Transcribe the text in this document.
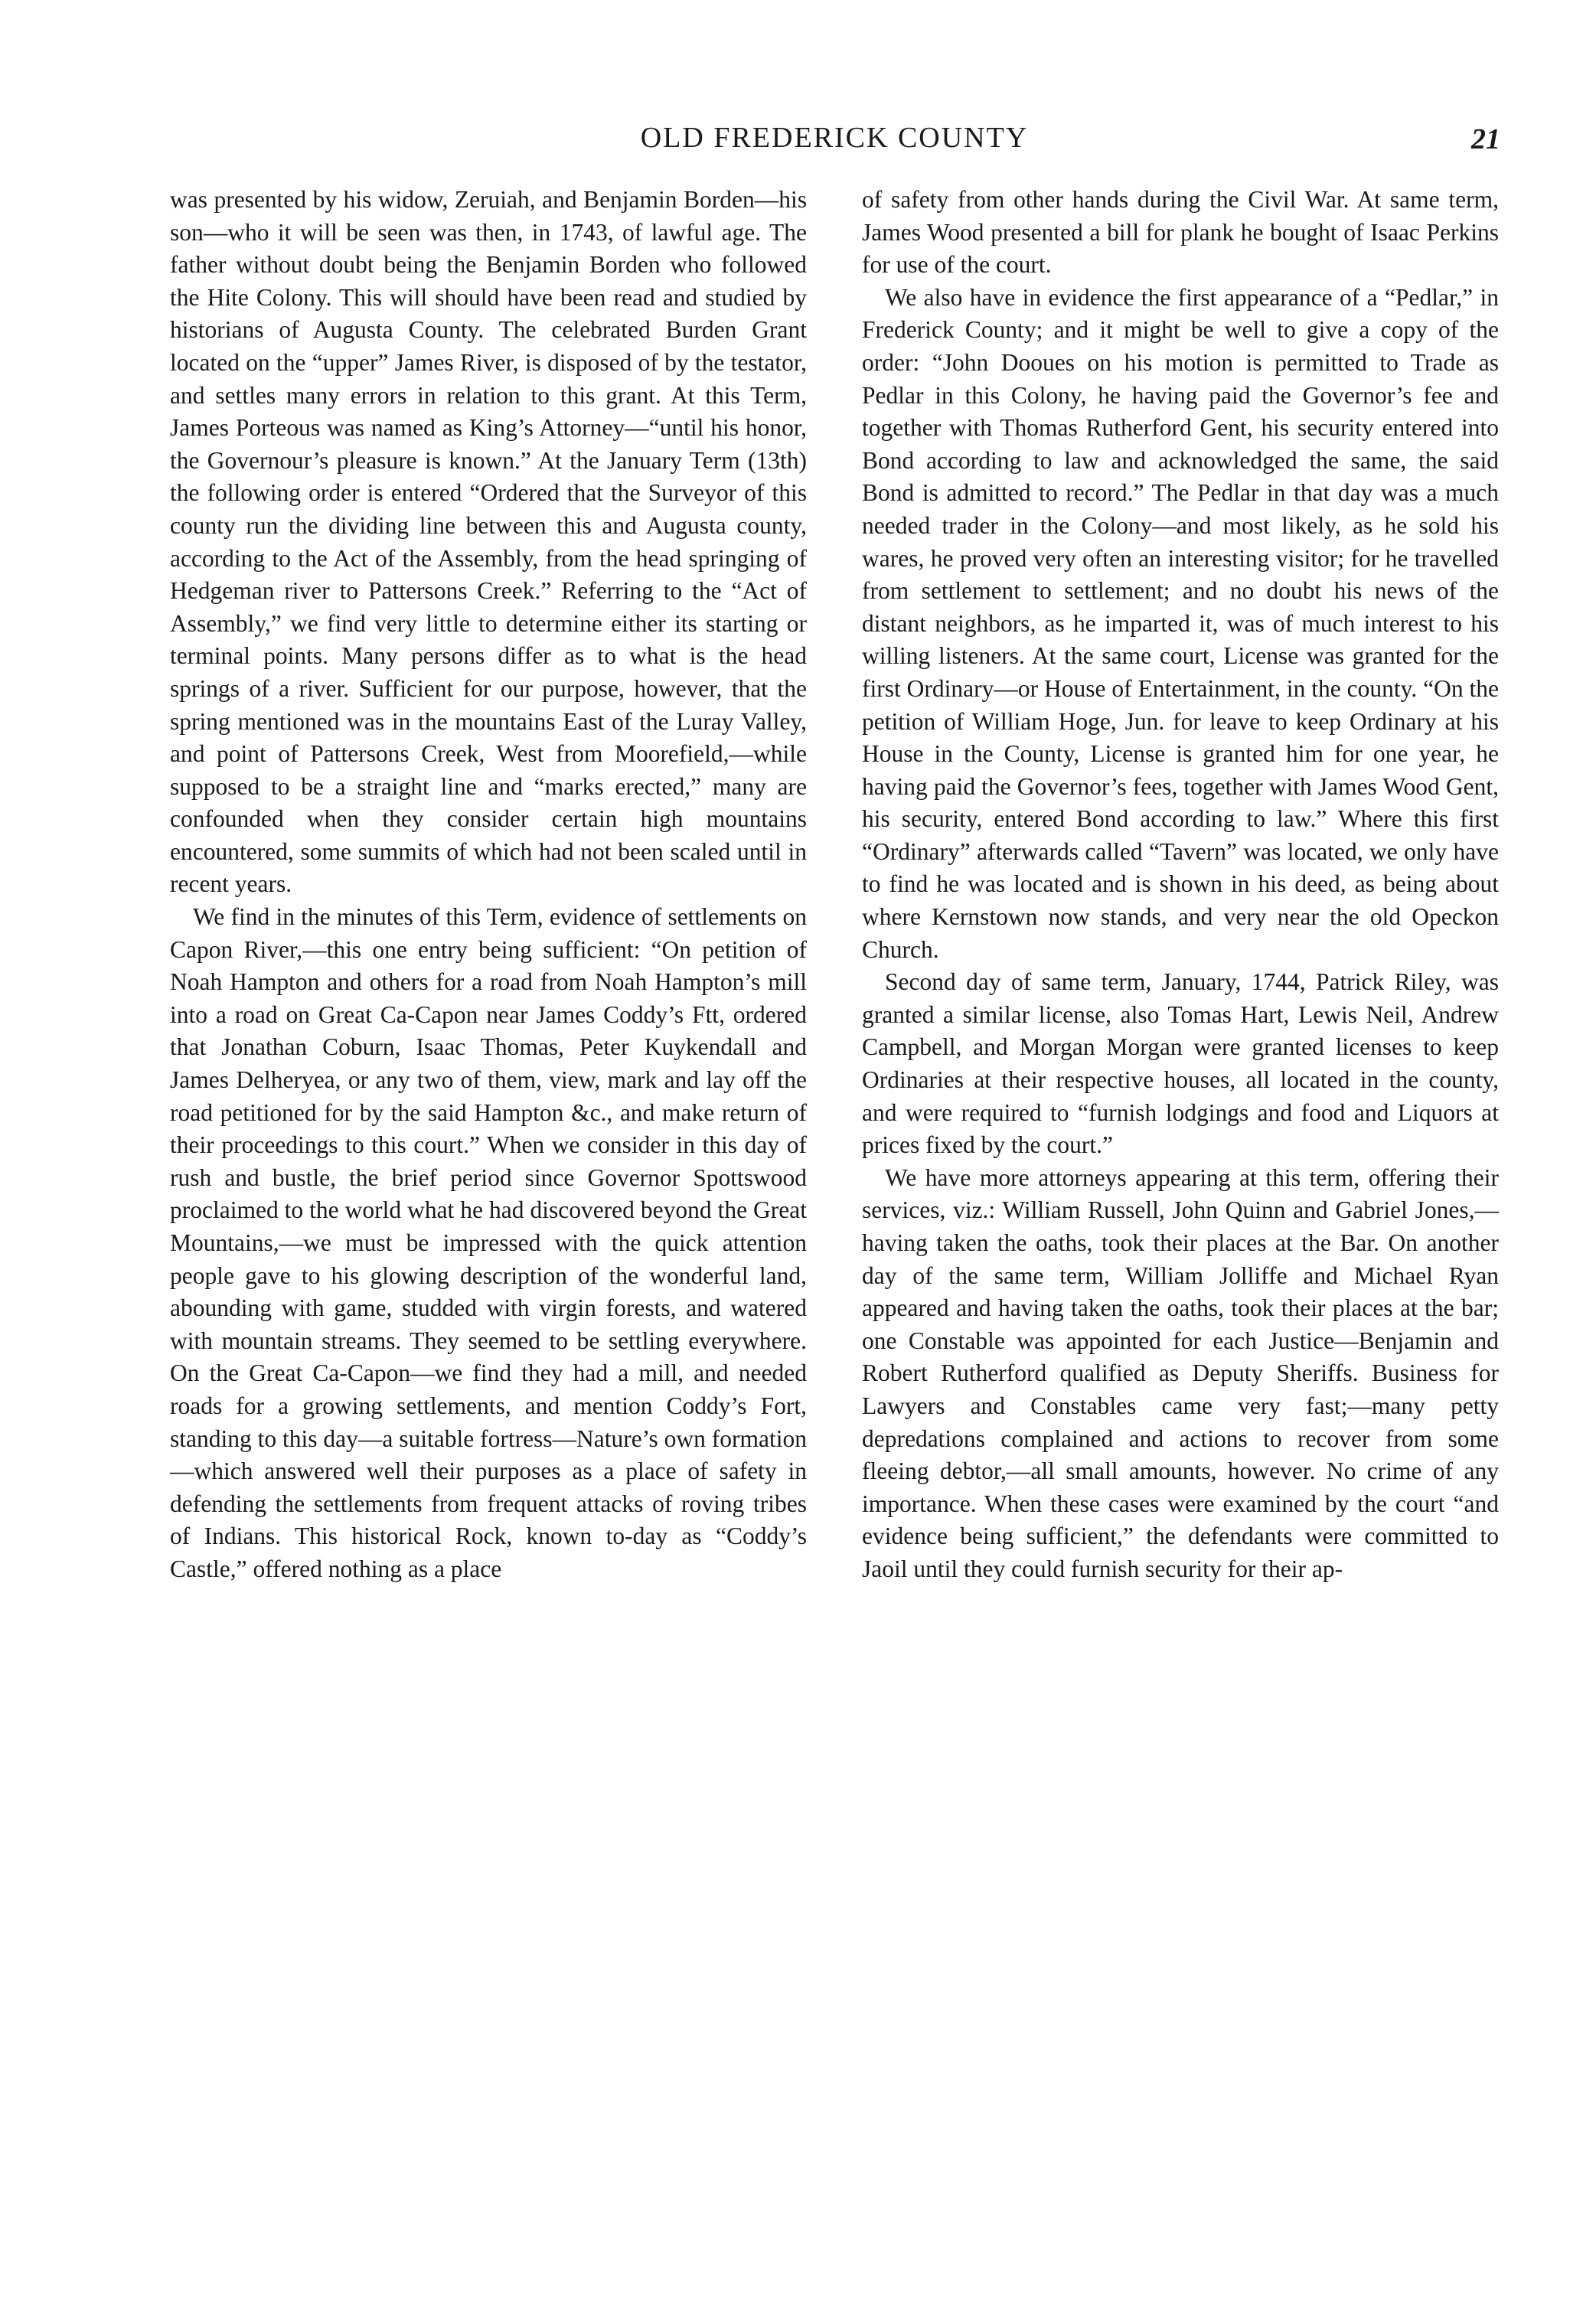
OLD FREDERICK COUNTY	21

was presented by his widow, Zeruiah, and Benjamin Borden—his son—who it will be seen was then, in 1743, of lawful age. The father without doubt being the Benjamin Borden who followed the Hite Colony. This will should have been read and studied by historians of Augusta County. The celebrated Burden Grant located on the “upper” James River, is disposed of by the testator, and settles many errors in relation to this grant. At this Term, James Porteous was named as King’s Attorney—“until his honor, the Governour’s pleasure is known.” At the January Term (13th) the following order is entered “Ordered that the Surveyor of this county run the dividing line between this and Augusta county, according to the Act of the Assembly, from the head springing of Hedgeman river to Pattersons Creek.” Referring to the “Act of Assembly,” we find very little to determine either its starting or terminal points. Many persons differ as to what is the head springs of a river. Sufficient for our purpose, however, that the spring mentioned was in the mountains East of the Luray Valley, and point of Pattersons Creek, West from Moorefield,—while supposed to be a straight line and “marks erected,” many are confounded when they consider certain high mountains encountered, some summits of which had not been scaled until in recent years.

We find in the minutes of this Term, evidence of settlements on Capon River,—this one entry being sufficient: “On petition of Noah Hampton and others for a road from Noah Hampton’s mill into a road on Great Ca-Capon near James Coddy’s Ftt, ordered that Jonathan Coburn, Isaac Thomas, Peter Kuykendall and James Delheryea, or any two of them, view, mark and lay off the road petitioned for by the said Hampton &c., and make return of their proceedings to this court.” When we consider in this day of rush and bustle, the brief period since Governor Spottswood proclaimed to the world what he had discovered beyond the Great Mountains,—we must be impressed with the quick attention people gave to his glowing description of the wonderful land, abounding with game, studded with virgin forests, and watered with mountain streams. They seemed to be settling everywhere. On the Great Ca-Capon—we find they had a mill, and needed roads for a growing settlements, and mention Coddy’s Fort, standing to this day—a suitable fortress—Nature’s own formation—which answered well their purposes as a place of safety in defending the settlements from frequent attacks of roving tribes of Indians. This historical Rock, known to-day as “Coddy’s Castle,” offered nothing as a place

of safety from other hands during the Civil War. At same term, James Wood presented a bill for plank he bought of Isaac Perkins for use of the court.

We also have in evidence the first appearance of a “Pedlar,” in Frederick County; and it might be well to give a copy of the order: “John Dooues on his motion is permitted to Trade as Pedlar in this Colony, he having paid the Governor’s fee and together with Thomas Rutherford Gent, his security entered into Bond according to law and acknowledged the same, the said Bond is admitted to record.” The Pedlar in that day was a much needed trader in the Colony—and most likely, as he sold his wares, he proved very often an interesting visitor; for he travelled from settlement to settlement; and no doubt his news of the distant neighbors, as he imparted it, was of much interest to his willing listeners. At the same court, License was granted for the first Ordinary—or House of Entertainment, in the county. “On the petition of William Hoge, Jun. for leave to keep Ordinary at his House in the County, License is granted him for one year, he having paid the Governor’s fees, together with James Wood Gent, his security, entered Bond according to law.” Where this first “Ordinary” afterwards called “Tavern” was located, we only have to find he was located and is shown in his deed, as being about where Kernstown now stands, and very near the old Opeckon Church.

Second day of same term, January, 1744, Patrick Riley, was granted a similar license, also Tomas Hart, Lewis Neil, Andrew Campbell, and Morgan Morgan were granted licenses to keep Ordinaries at their respective houses, all located in the county, and were required to “furnish lodgings and food and Liquors at prices fixed by the court.”

We have more attorneys appearing at this term, offering their services, viz.: William Russell, John Quinn and Gabriel Jones,—having taken the oaths, took their places at the Bar. On another day of the same term, William Jolliffe and Michael Ryan appeared and having taken the oaths, took their places at the bar; one Constable was appointed for each Justice—Benjamin and Robert Rutherford qualified as Deputy Sheriffs. Business for Lawyers and Constables came very fast;—many petty depredations complained and actions to recover from some fleeing debtor,—all small amounts, however. No crime of any importance. When these cases were examined by the court “and evidence being sufficient,” the defendants were committed to Jaoil until they could furnish security for their ap-
